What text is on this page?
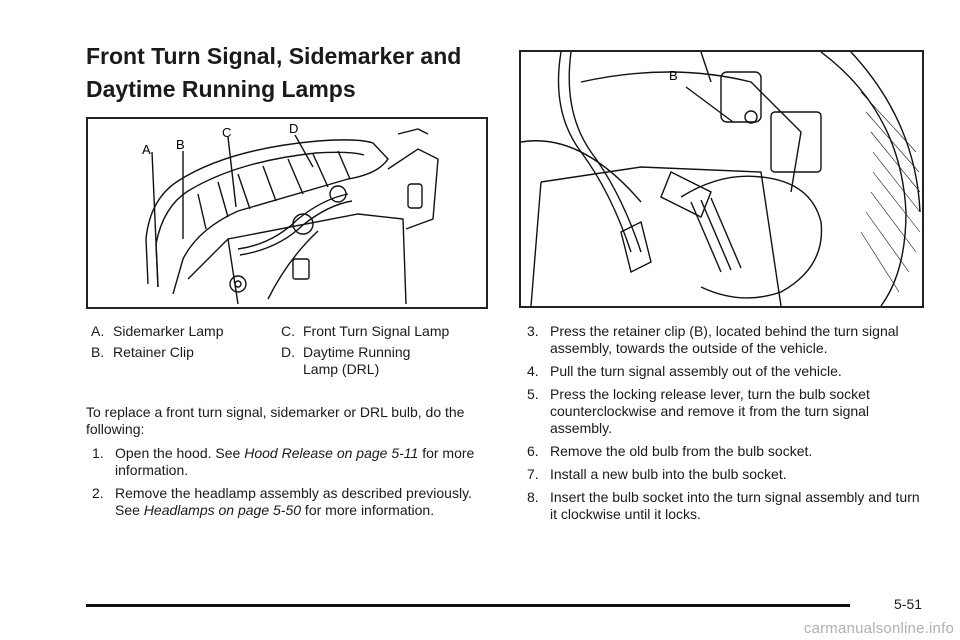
Front Turn Signal, Sidemarker and Daytime Running Lamps
A B
C	D
B
A. Sidemarker Lamp	C. Front Turn Signal Lamp
B. Retainer Clip	D. Daytime Running Lamp (DRL)

To replace a front turn signal, sidemarker or DRL bulb, do the following:

1. Open the hood. See Hood Release on page 5-11 for more information.
2. Remove the headlamp assembly as described previously. See Headlamps on page 5-50 for more information.
3. Press the retainer clip (B), located behind the turn signal assembly, towards the outside of the vehicle.
4. Pull the turn signal assembly out of the vehicle.
5. Press the locking release lever, turn the bulb socket counterclockwise and remove it from the turn signal assembly.
6. Remove the old bulb from the bulb socket.
7. Install a new bulb into the bulb socket.
8. Insert the bulb socket into the turn signal assembly and turn it clockwise until it locks.
5-51
carmanualsonline.info
